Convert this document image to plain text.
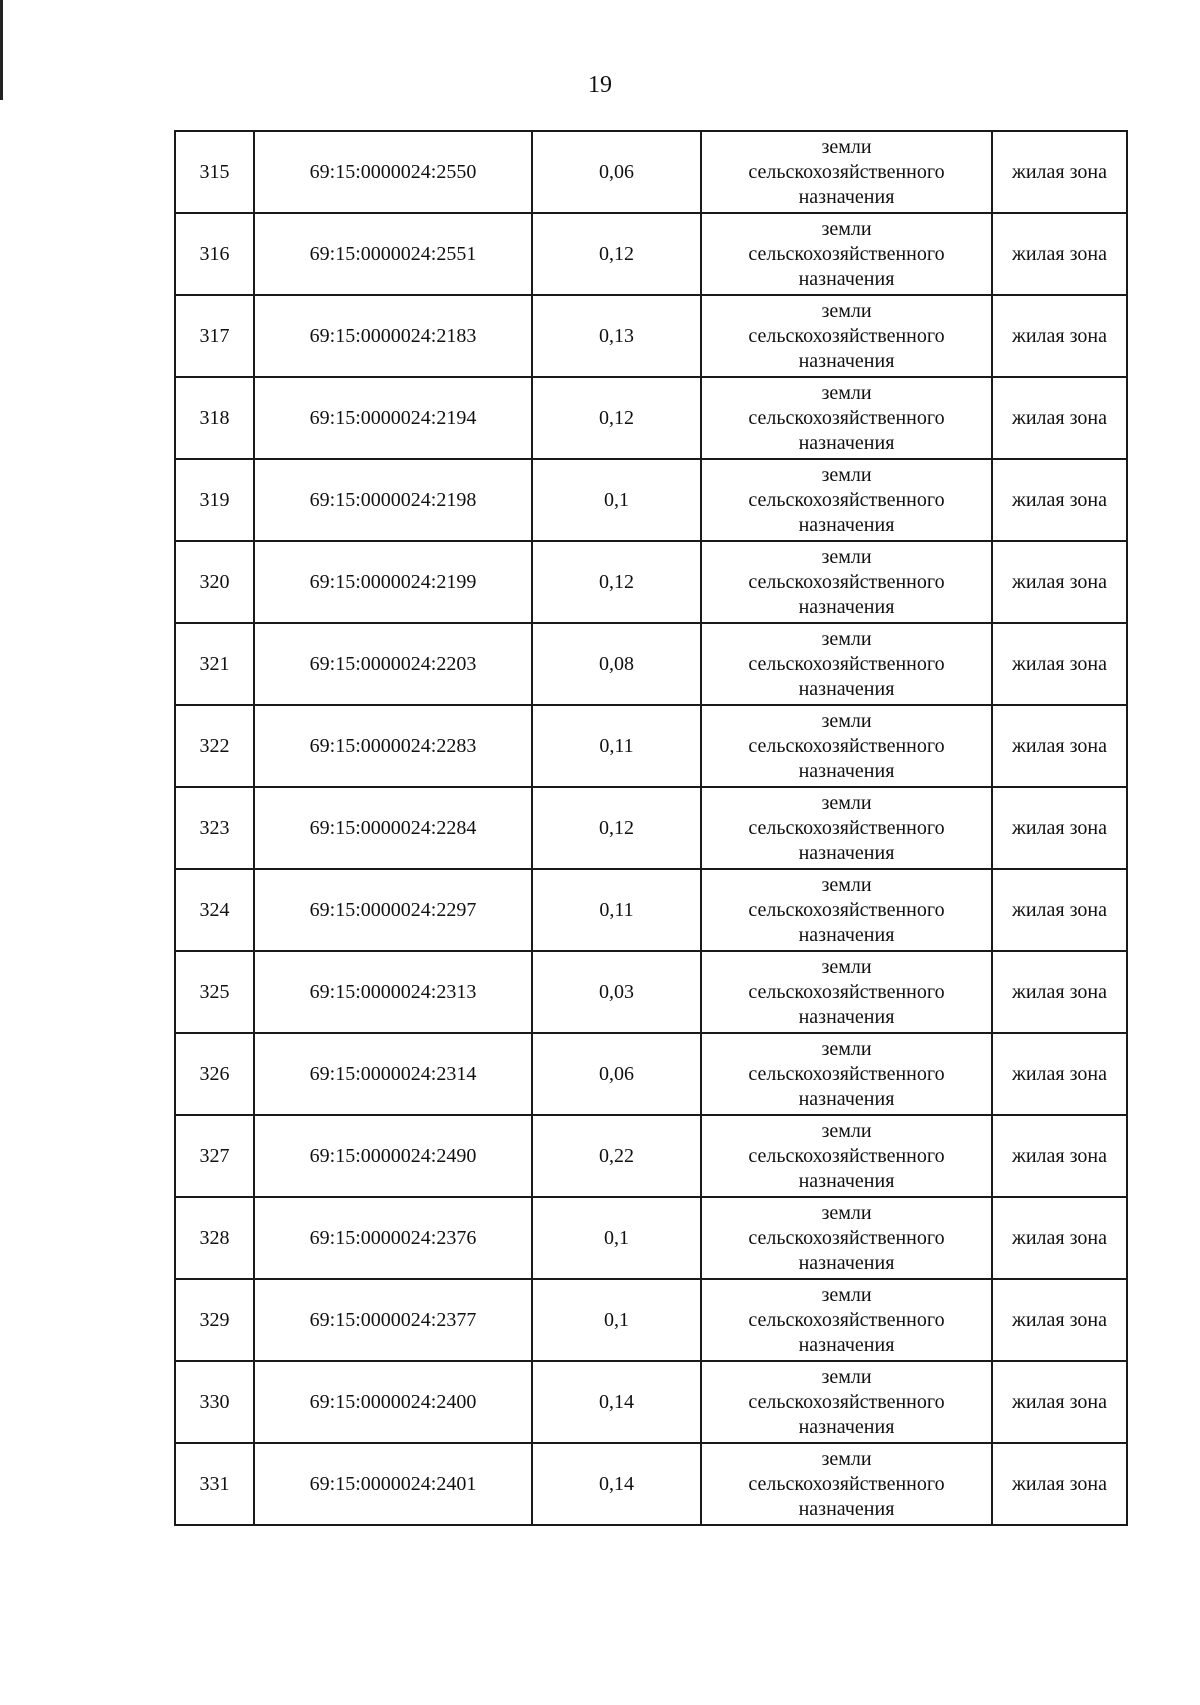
19
315	69:15:0000024:2550	0,06	земли
сельскохозяйственного
назначения	жилая зона
316	69:15:0000024:2551	0,12	земли
сельскохозяйственного
назначения	жилая зона
317	69:15:0000024:2183	0,13	земли
сельскохозяйственного
назначения	жилая зона
318	69:15:0000024:2194	0,12	земли
сельскохозяйственного
назначения	жилая зона
319	69:15:0000024:2198	0,1	земли
сельскохозяйственного
назначения	жилая зона
320	69:15:0000024:2199	0,12	земли
сельскохозяйственного
назначения	жилая зона
321	69:15:0000024:2203	0,08	земли
сельскохозяйственного
назначения	жилая зона
322	69:15:0000024:2283	0,11	земли
сельскохозяйственного
назначения	жилая зона
323	69:15:0000024:2284	0,12	земли
сельскохозяйственного
назначения	жилая зона
324	69:15:0000024:2297	0,11	земли
сельскохозяйственного
назначения	жилая зона
325	69:15:0000024:2313	0,03	земли
сельскохозяйственного
назначения	жилая зона
326	69:15:0000024:2314	0,06	земли
сельскохозяйственного
назначения	жилая зона
327	69:15:0000024:2490	0,22	земли
сельскохозяйственного
назначения	жилая зона
328	69:15:0000024:2376	0,1	земли
сельскохозяйственного
назначения	жилая зона
329	69:15:0000024:2377	0,1	земли
сельскохозяйственного
назначения	жилая зона
330	69:15:0000024:2400	0,14	земли
сельскохозяйственного
назначения	жилая зона
331	69:15:0000024:2401	0,14	земли
сельскохозяйственного
назначения	жилая зона
